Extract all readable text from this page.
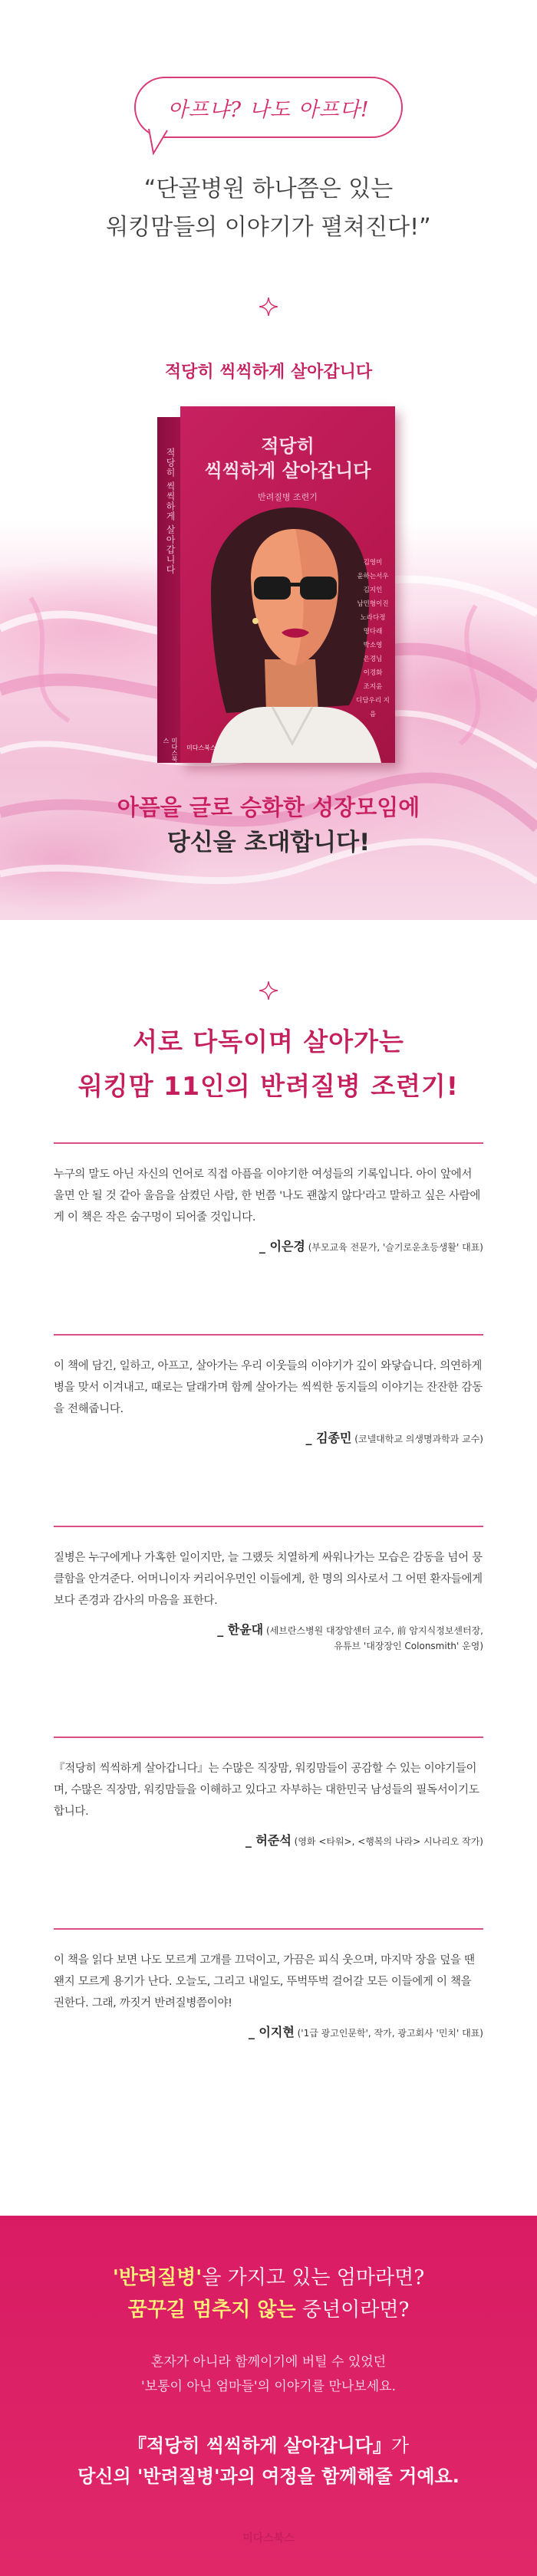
아프냐? 나도 아프다!
“단골병원 하나쯤은 있는
워킹맘들의 이야기가 펼쳐진다!”
적당히 씩씩하게 살아갑니다
적당히 씩씩하게 살아갑니다
미다스북스
적당히
씩씩하게 살아갑니다
반려질병 조련기
김영미
윤하는서우
김지인
남민형이진
노라다정
명다래
박소영
은경님
이경화
조지윤
디담우리 지음
미다스북스
아픔을 글로 승화한 성장모임에
당신을 초대합니다!
서로 다독이며 살아가는
워킹맘 11인의 반려질병 조련기!
누구의 말도 아닌 자신의 언어로 직접 아픔을 이야기한 여성들의 기록입니다. 아이 앞에서 울면 안 될 것 같아 울음을 삼켰던 사람, 한 번쯤 '나도 괜찮지 않다'라고 말하고 싶은 사람에게 이 책은 작은 숨구멍이 되어줄 것입니다.
_ 이은경 (부모교육 전문가, '슬기로운초등생활' 대표)
이 책에 담긴, 일하고, 아프고, 살아가는 우리 이웃들의 이야기가 깊이 와닿습니다. 의연하게 병을 맞서 이겨내고, 때로는 달래가며 함께 살아가는 씩씩한 동지들의 이야기는 잔잔한 감동을 전해줍니다.
_ 김종민 (코넬대학교 의생명과학과 교수)
질병은 누구에게나 가혹한 일이지만, 늘 그랬듯 치열하게 싸워나가는 모습은 감동을 넘어 뭉클함을 안겨준다. 어머니이자 커리어우먼인 이들에게, 한 명의 의사로서 그 어떤 환자들에게보다 존경과 감사의 마음을 표한다.
_ 한윤대 (세브란스병원 대장암센터 교수, 前 암지식정보센터장,
유튜브 '대장장인 Colonsmith' 운영)
『적당히 씩씩하게 살아갑니다』는 수많은 직장맘, 워킹맘들이 공감할 수 있는 이야기들이며, 수많은 직장맘, 워킹맘들을 이해하고 있다고 자부하는 대한민국 남성들의 필독서이기도 합니다.
_ 허준석 (영화 <타워>, <행복의 나라> 시나리오 작가)
이 책을 읽다 보면 나도 모르게 고개를 끄덕이고, 가끔은 피식 웃으며, 마지막 장을 덮을 땐 왠지 모르게 용기가 난다. 오늘도, 그리고 내일도, 뚜벅뚜벅 걸어갈 모든 이들에게 이 책을 권한다. 그래, 까짓거 반려질병쯤이야!
_ 이지현 ('1급 광고인문학', 작가, 광고회사 '민치' 대표)
'반려질병'을 가지고 있는 엄마라면?
꿈꾸길 멈추지 않는 중년이라면?
혼자가 아니라 함께이기에 버틸 수 있었던
'보통이 아닌 엄마들'의 이야기를 만나보세요.
『적당히 씩씩하게 살아갑니다』가
당신의 '반려질병'과의 여정을 함께해줄 거예요.
미다스북스
